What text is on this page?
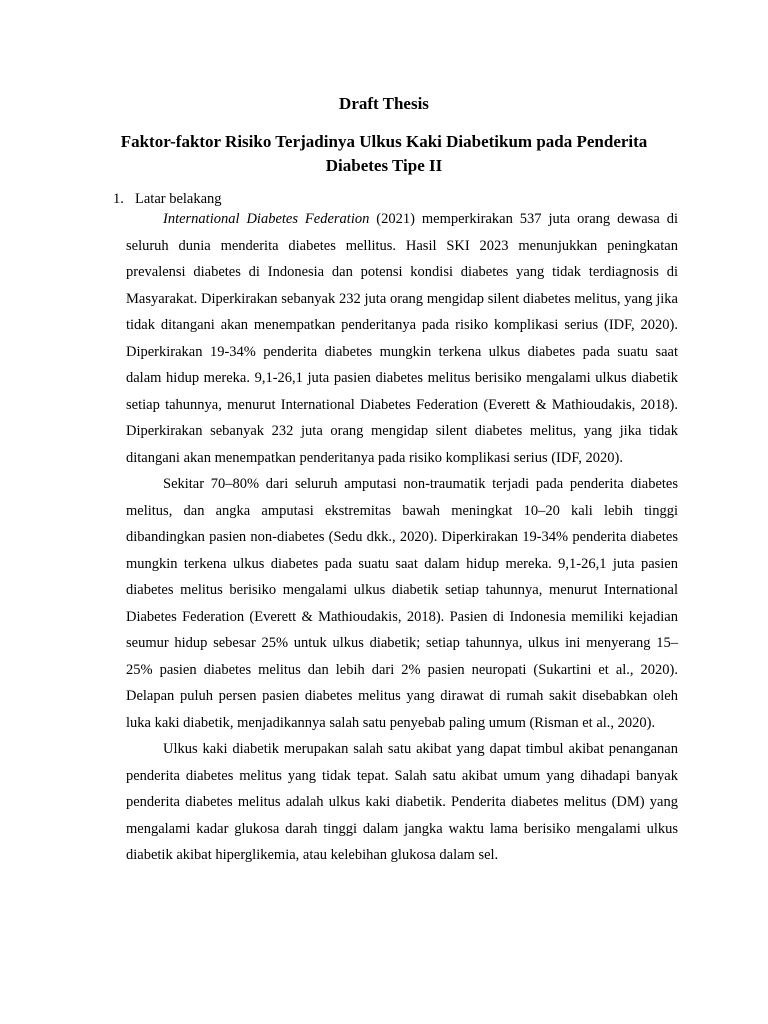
Draft Thesis
Faktor-faktor Risiko Terjadinya Ulkus Kaki Diabetikum pada Penderita Diabetes Tipe II
1. Latar belakang

International Diabetes Federation (2021) memperkirakan 537 juta orang dewasa di seluruh dunia menderita diabetes mellitus. Hasil SKI 2023 menunjukkan peningkatan prevalensi diabetes di Indonesia dan potensi kondisi diabetes yang tidak terdiagnosis di Masyarakat. Diperkirakan sebanyak 232 juta orang mengidap silent diabetes melitus, yang jika tidak ditangani akan menempatkan penderitanya pada risiko komplikasi serius (IDF, 2020). Diperkirakan 19-34% penderita diabetes mungkin terkena ulkus diabetes pada suatu saat dalam hidup mereka. 9,1-26,1 juta pasien diabetes melitus berisiko mengalami ulkus diabetik setiap tahunnya, menurut International Diabetes Federation (Everett & Mathioudakis, 2018). Diperkirakan sebanyak 232 juta orang mengidap silent diabetes melitus, yang jika tidak ditangani akan menempatkan penderitanya pada risiko komplikasi serius (IDF, 2020).

Sekitar 70–80% dari seluruh amputasi non-traumatik terjadi pada penderita diabetes melitus, dan angka amputasi ekstremitas bawah meningkat 10–20 kali lebih tinggi dibandingkan pasien non-diabetes (Sedu dkk., 2020). Diperkirakan 19-34% penderita diabetes mungkin terkena ulkus diabetes pada suatu saat dalam hidup mereka. 9,1-26,1 juta pasien diabetes melitus berisiko mengalami ulkus diabetik setiap tahunnya, menurut International Diabetes Federation (Everett & Mathioudakis, 2018). Pasien di Indonesia memiliki kejadian seumur hidup sebesar 25% untuk ulkus diabetik; setiap tahunnya, ulkus ini menyerang 15–25% pasien diabetes melitus dan lebih dari 2% pasien neuropati (Sukartini et al., 2020). Delapan puluh persen pasien diabetes melitus yang dirawat di rumah sakit disebabkan oleh luka kaki diabetik, menjadikannya salah satu penyebab paling umum (Risman et al., 2020).

Ulkus kaki diabetik merupakan salah satu akibat yang dapat timbul akibat penanganan penderita diabetes melitus yang tidak tepat. Salah satu akibat umum yang dihadapi banyak penderita diabetes melitus adalah ulkus kaki diabetik. Penderita diabetes melitus (DM) yang mengalami kadar glukosa darah tinggi dalam jangka waktu lama berisiko mengalami ulkus diabetik akibat hiperglikemia, atau kelebihan glukosa dalam sel.
